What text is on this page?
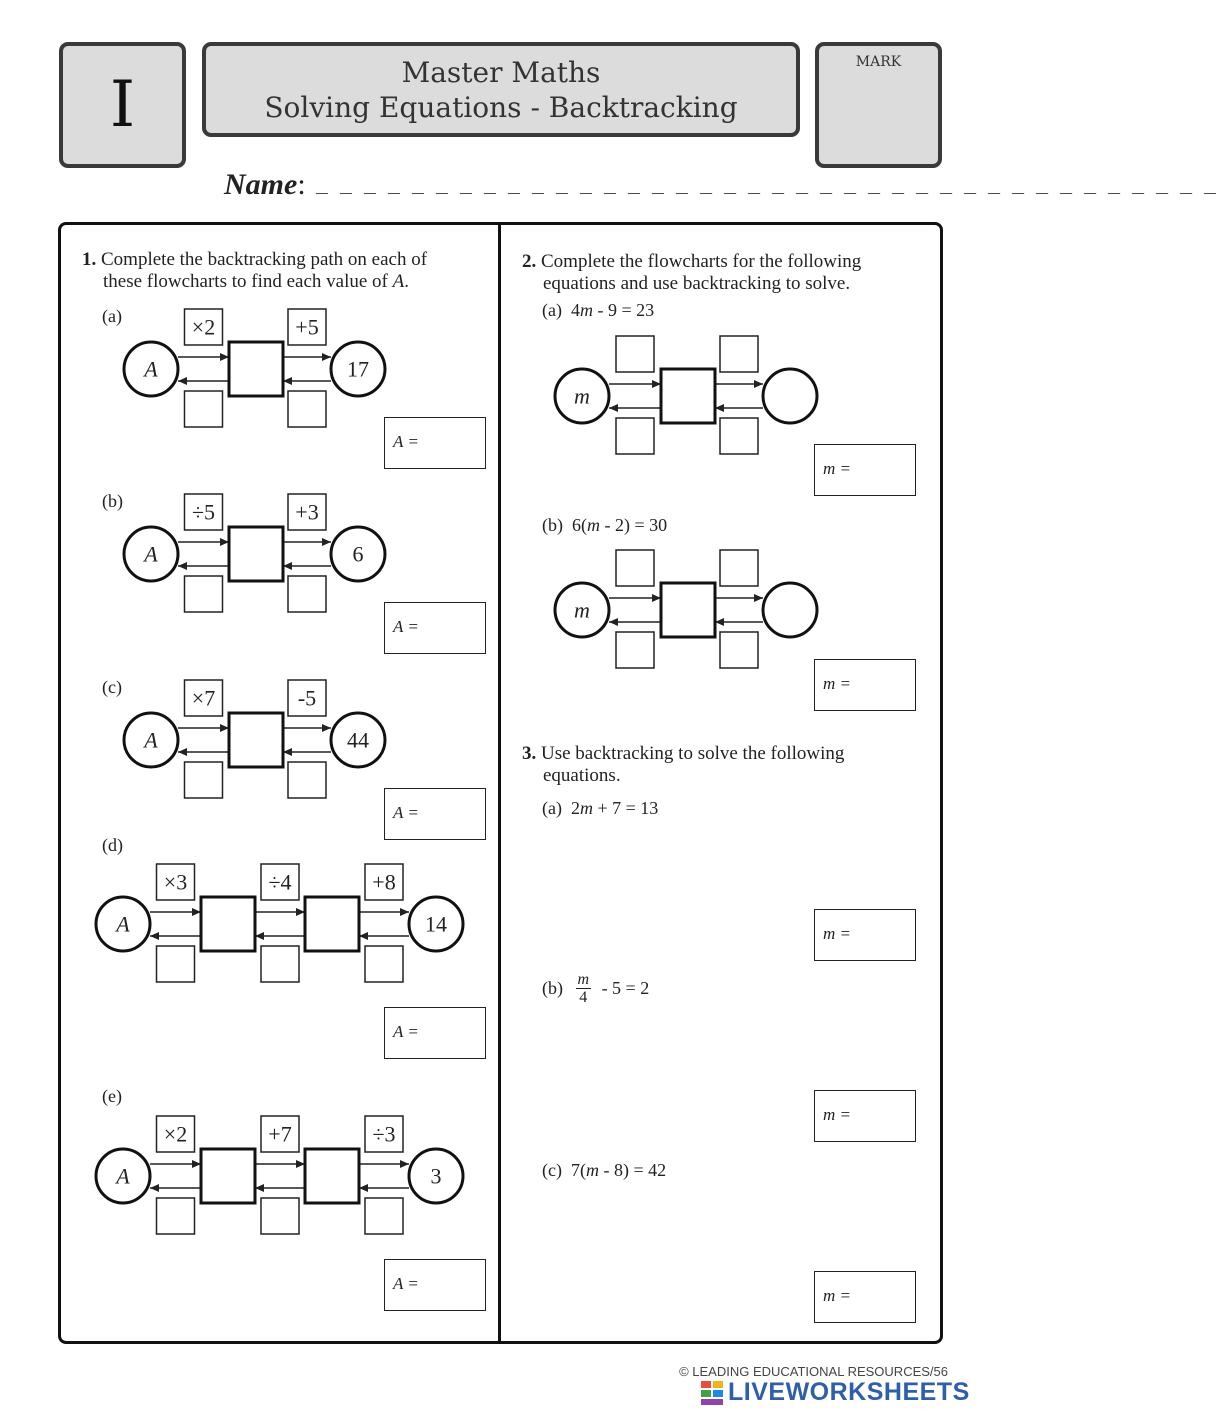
I	Master Maths
Solving Equations - Backtracking
MARK
Name: _ _ _ _ _ _ _ _ _ _ _ _ _ _ _ _ _ _ _ _ _ _ _ _ _ _ _ _ _ _ _ _ _ _ _ _ _ _
1. Complete the backtracking path on each of
these flowcharts to find each value of A.
(a)
(b)
(c)
(d)
(e)
A =
A =
A =
A =
A =
2. Complete the flowcharts for the following
equations and use backtracking to solve.
(a) 4m - 9 = 23
(b) 6(m - 2) = 30
m =
m =
3. Use backtracking to solve the following
equations.
(a) 2m + 7 = 13
$(b) \frac{m}{4} - 5 = 2$
(c) 7(m - 8) = 42
m =
m =
m =
×2	+5
A	17
÷5	+3
A	6
×7	-5
A	44
×3	÷4	+8
A	14
×2	+7	÷3
A	3
m
m
© LEADING EDUCATIONAL RESOURCES/56
LIVEWORKSHEETS
